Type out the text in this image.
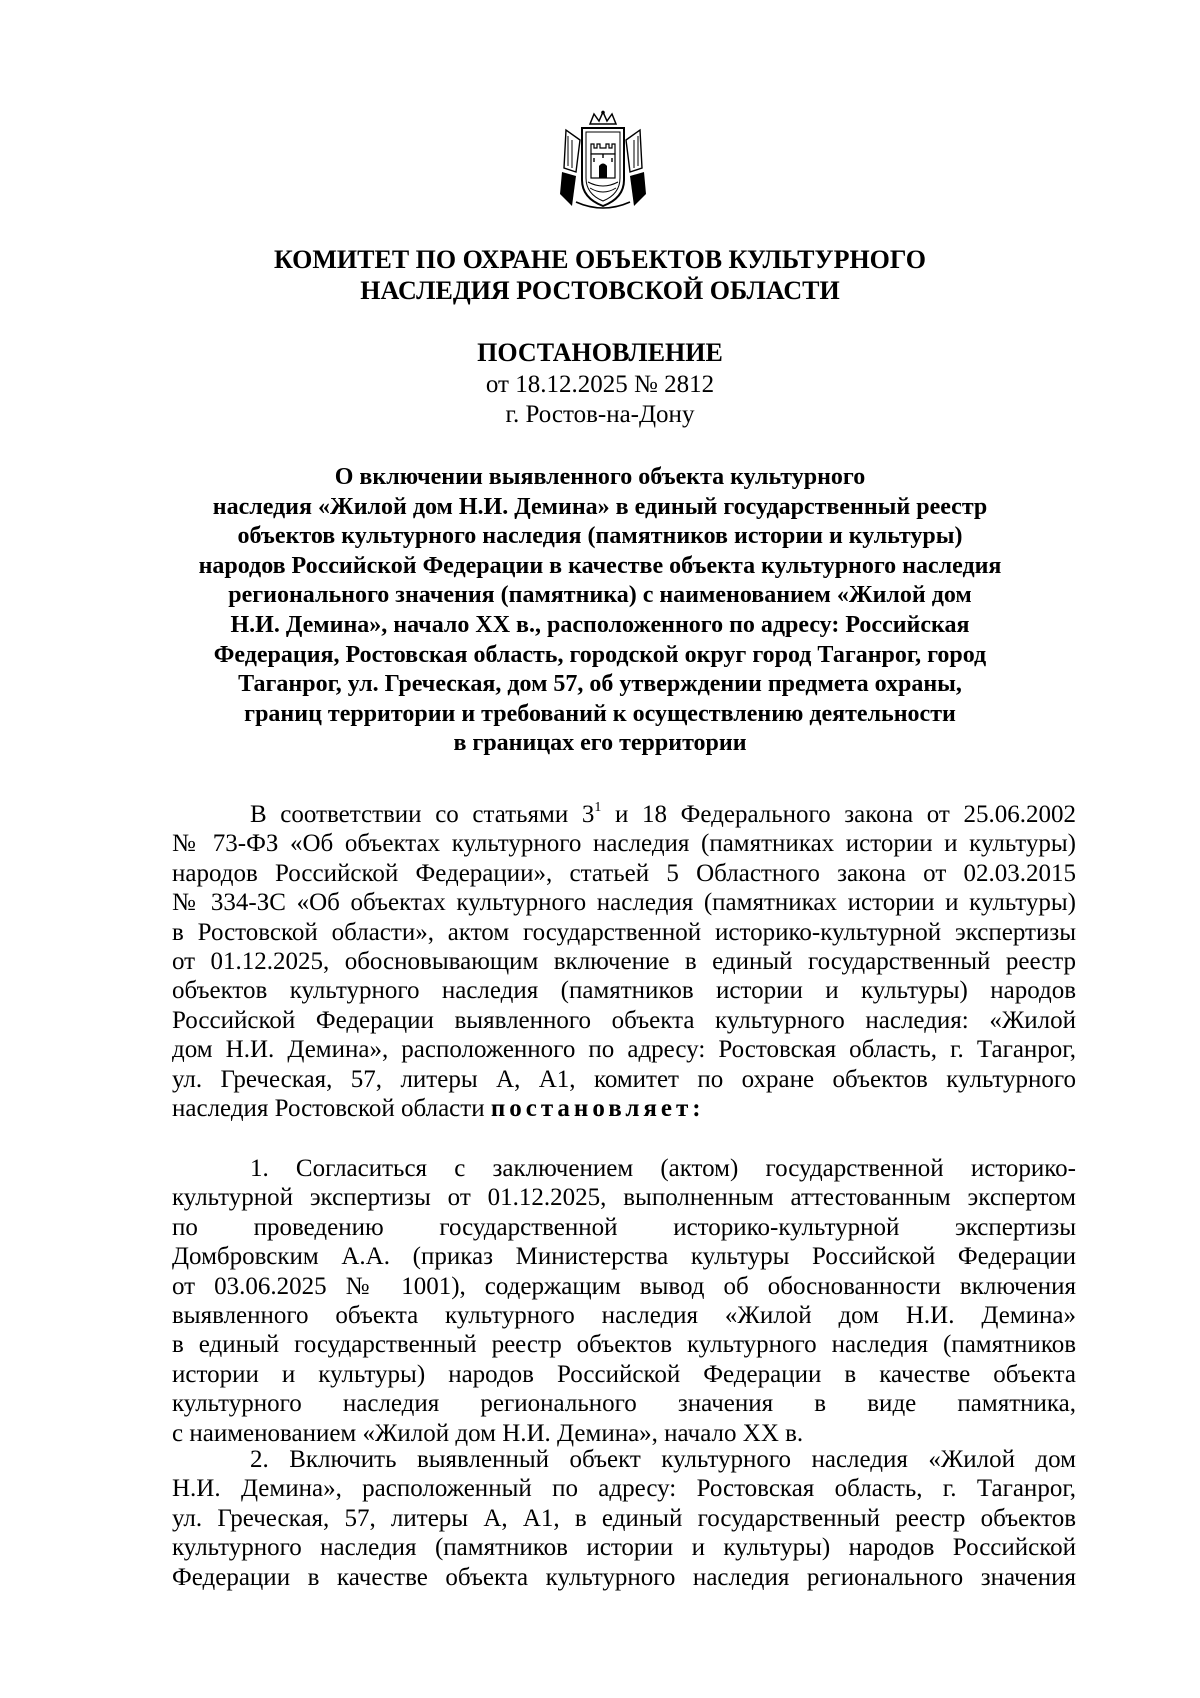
КОМИТЕТ ПО ОХРАНЕ ОБЪЕКТОВ КУЛЬТУРНОГО

НАСЛЕДИЯ РОСТОВСКОЙ ОБЛАСТИ

ПОСТАНОВЛЕНИЕ

от 18.12.2025 № 2812

г. Ростов-на-Дону

О включении выявленного объекта культурного

наследия «Жилой дом Н.И. Демина» в единый государственный реестр

объектов культурного наследия (памятников истории и культуры)

народов Российской Федерации в качестве объекта культурного наследия

регионального значения (памятника) с наименованием «Жилой дом

Н.И. Демина», начало XX в., расположенного по адресу: Российская

Федерация, Ростовская область, городской округ город Таганрог, город

Таганрог, ул. Греческая, дом 57, об утверждении предмета охраны,

границ территории и требований к осуществлению деятельности

в границах его территории

В соответствии со статьями $3^1$ и 18 Федерального закона от 25.06.2002

№ 73-ФЗ «Об объектах культурного наследия (памятниках истории и культуры)

народов Российской Федерации», статьей 5 Областного закона от 02.03.2015

№ 334-ЗС «Об объектах культурного наследия (памятниках истории и культуры)

в Ростовской области», актом государственной историко-культурной экспертизы

от 01.12.2025, обосновывающим включение в единый государственный реестр

объектов культурного наследия (памятников истории и культуры) народов

Российской Федерации выявленного объекта культурного наследия: «Жилой

дом Н.И. Демина», расположенного по адресу: Ростовская область, г. Таганрог,

ул. Греческая, 57, литеры А, А1, комитет по охране объектов культурного

наследия Ростовской области постановляет:

1. Согласиться с заключением (актом) государственной историко-

культурной экспертизы от 01.12.2025, выполненным аттестованным экспертом

по проведению государственной историко-культурной экспертизы

Домбровским А.А. (приказ Министерства культуры Российской Федерации

от 03.06.2025 № 1001), содержащим вывод об обоснованности включения

выявленного объекта культурного наследия «Жилой дом Н.И. Демина»

в единый государственный реестр объектов культурного наследия (памятников

истории и культуры) народов Российской Федерации в качестве объекта

культурного наследия регионального значения в виде памятника,

с наименованием «Жилой дом Н.И. Демина», начало XX в.

2. Включить выявленный объект культурного наследия «Жилой дом

Н.И. Демина», расположенный по адресу: Ростовская область, г. Таганрог,

ул. Греческая, 57, литеры А, А1, в единый государственный реестр объектов

культурного наследия (памятников истории и культуры) народов Российской

Федерации в качестве объекта культурного наследия регионального значения
